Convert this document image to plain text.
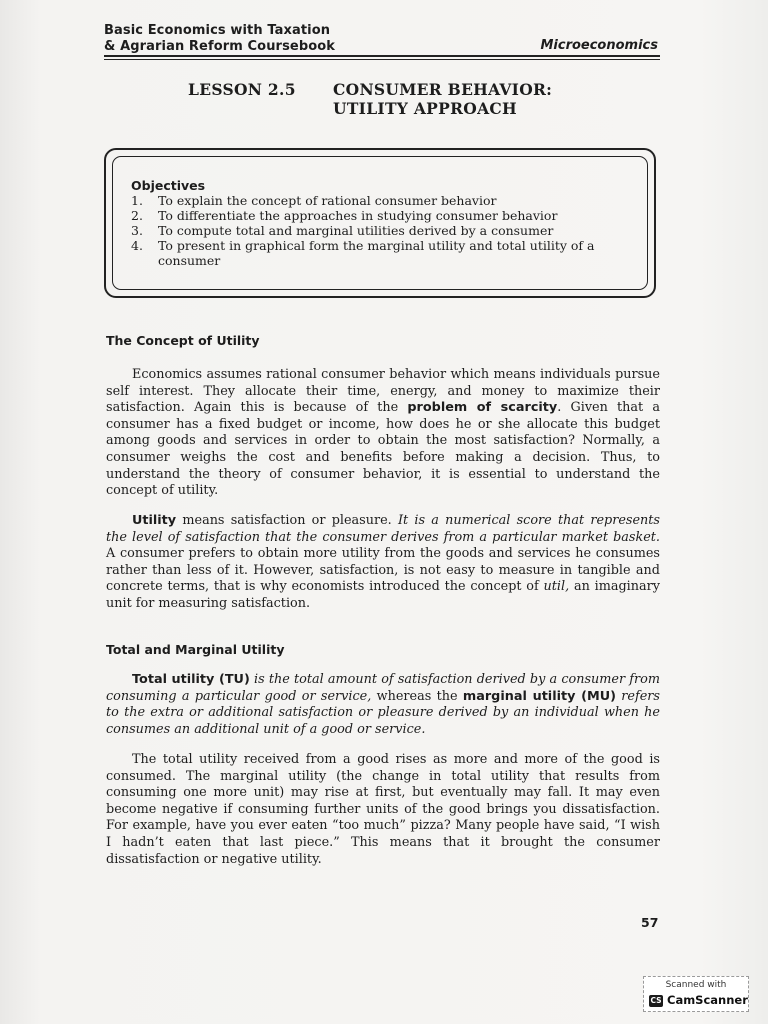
Basic Economics with Taxation
& Agrarian Reform Coursebook	Microeconomics
LESSON 2.5 CONSUMER BEHAVIOR:
UTILITY APPROACH
Objectives
1. To explain the concept of rational consumer behavior
2. To differentiate the approaches in studying consumer behavior
3. To compute total and marginal utilities derived by a consumer
4. To present in graphical form the marginal utility and total utility of a consumer
The Concept of Utility

Economics assumes rational consumer behavior which means individuals pursue self interest. They allocate their time, energy, and money to maximize their satisfaction. Again this is because of the problem of scarcity. Given that a consumer has a fixed budget or income, how does he or she allocate this budget among goods and services in order to obtain the most satisfaction? Normally, a consumer weighs the cost and benefits before making a decision. Thus, to understand the theory of consumer behavior, it is essential to understand the concept of utility.

Utility means satisfaction or pleasure. It is a numerical score that represents the level of satisfaction that the consumer derives from a particular market basket. A consumer prefers to obtain more utility from the goods and services he consumes rather than less of it. However, satisfaction, is not easy to measure in tangible and concrete terms, that is why economists introduced the concept of util, an imaginary unit for measuring satisfaction.

Total and Marginal Utility

Total utility (TU) is the total amount of satisfaction derived by a consumer from consuming a particular good or service, whereas the marginal utility (MU) refers to the extra or additional satisfaction or pleasure derived by an individual when he consumes an additional unit of a good or service.

The total utility received from a good rises as more and more of the good is consumed. The marginal utility (the change in total utility that results from consuming one more unit) may rise at first, but eventually may fall. It may even become negative if consuming further units of the good brings you dissatisfaction. For example, have you ever eaten “too much” pizza? Many people have said, “I wish I hadn’t eaten that last piece.” This means that it brought the consumer dissatisfaction or negative utility.

57
Scanned with
CS CamScanner
